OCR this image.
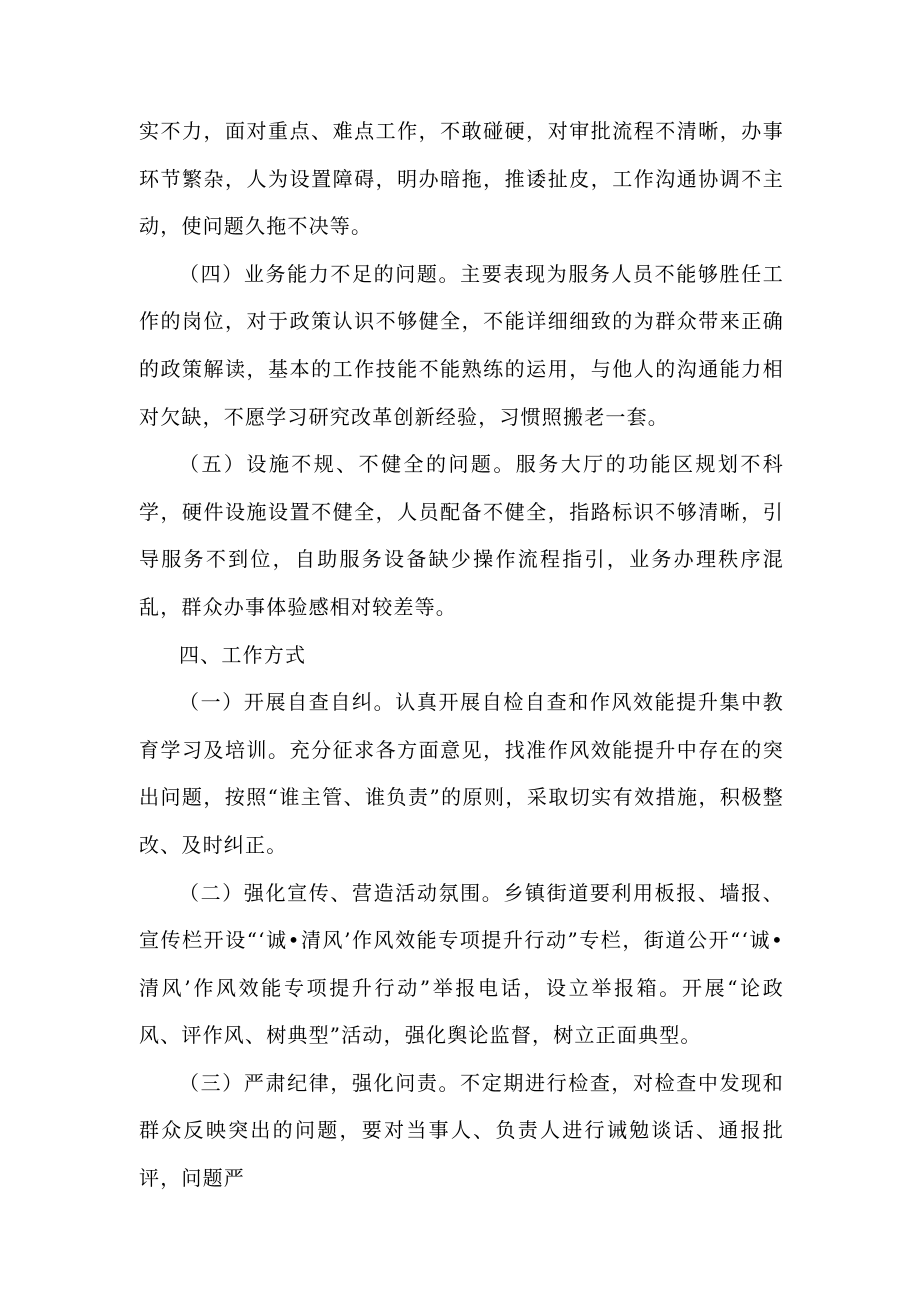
实不力，面对重点、难点工作，不敢碰硬，对审批流程不清晰，办事环节繁杂，人为设置障碍，明办暗拖，推诿扯皮，工作沟通协调不主动，使问题久拖不决等。

（四）业务能力不足的问题。主要表现为服务人员不能够胜任工作的岗位，对于政策认识不够健全，不能详细细致的为群众带来正确的政策解读，基本的工作技能不能熟练的运用，与他人的沟通能力相对欠缺，不愿学习研究改革创新经验，习惯照搬老一套。

（五）设施不规、不健全的问题。服务大厅的功能区规划不科学，硬件设施设置不健全，人员配备不健全，指路标识不够清晰，引导服务不到位，自助服务设备缺少操作流程指引，业务办理秩序混乱，群众办事体验感相对较差等。

四、工作方式

（一）开展自查自纠。认真开展自检自查和作风效能提升集中教育学习及培训。充分征求各方面意见，找准作风效能提升中存在的突出问题，按照“谁主管、谁负责”的原则，采取切实有效措施，积极整改、及时纠正。

（二）强化宣传、营造活动氛围。乡镇街道要利用板报、墙报、宣传栏开设“‘诚•清风’作风效能专项提升行动”专栏，街道公开“‘诚•清风’作风效能专项提升行动”举报电话，设立举报箱。开展“论政风、评作风、树典型”活动，强化舆论监督，树立正面典型。

（三）严肃纪律，强化问责。不定期进行检查，对检查中发现和群众反映突出的问题，要对当事人、负责人进行诫勉谈话、通报批评，问题严
